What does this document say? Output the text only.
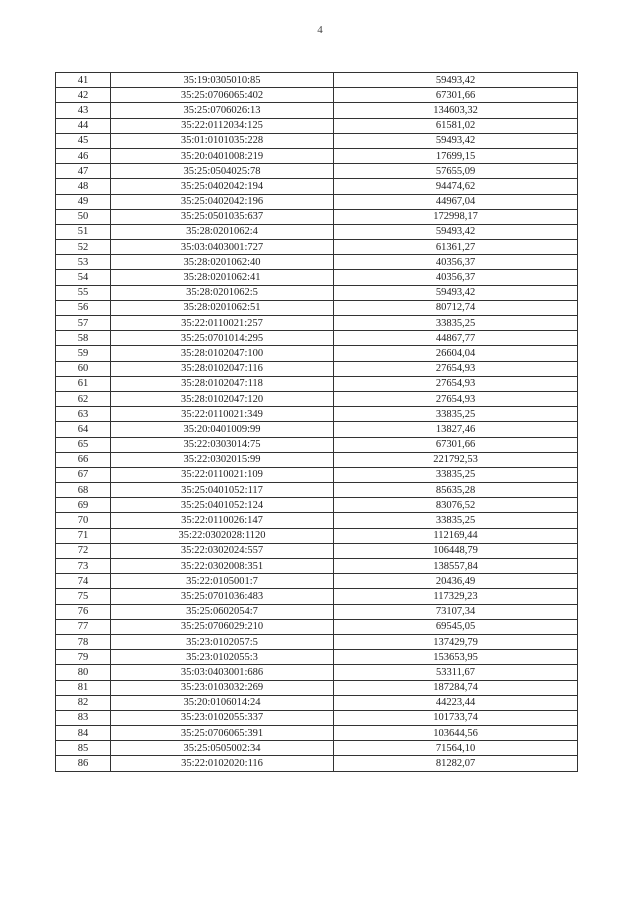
4
41	35:19:0305010:85	59493,42
42	35:25:0706065:402	67301,66
43	35:25:0706026:13	134603,32
44	35:22:0112034:125	61581,02
45	35:01:0101035:228	59493,42
46	35:20:0401008:219	17699,15
47	35:25:0504025:78	57655,09
48	35:25:0402042:194	94474,62
49	35:25:0402042:196	44967,04
50	35:25:0501035:637	172998,17
51	35:28:0201062:4	59493,42
52	35:03:0403001:727	61361,27
53	35:28:0201062:40	40356,37
54	35:28:0201062:41	40356,37
55	35:28:0201062:5	59493,42
56	35:28:0201062:51	80712,74
57	35:22:0110021:257	33835,25
58	35:25:0701014:295	44867,77
59	35:28:0102047:100	26604,04
60	35:28:0102047:116	27654,93
61	35:28:0102047:118	27654,93
62	35:28:0102047:120	27654,93
63	35:22:0110021:349	33835,25
64	35:20:0401009:99	13827,46
65	35:22:0303014:75	67301,66
66	35:22:0302015:99	221792,53
67	35:22:0110021:109	33835,25
68	35:25:0401052:117	85635,28
69	35:25:0401052:124	83076,52
70	35:22:0110026:147	33835,25
71	35:22:0302028:1120	112169,44
72	35:22:0302024:557	106448,79
73	35:22:0302008:351	138557,84
74	35:22:0105001:7	20436,49
75	35:25:0701036:483	117329,23
76	35:25:0602054:7	73107,34
77	35:25:0706029:210	69545,05
78	35:23:0102057:5	137429,79
79	35:23:0102055:3	153653,95
80	35:03:0403001:686	53311,67
81	35:23:0103032:269	187284,74
82	35:20:0106014:24	44223,44
83	35:23:0102055:337	101733,74
84	35:25:0706065:391	103644,56
85	35:25:0505002:34	71564,10
86	35:22:0102020:116	81282,07
